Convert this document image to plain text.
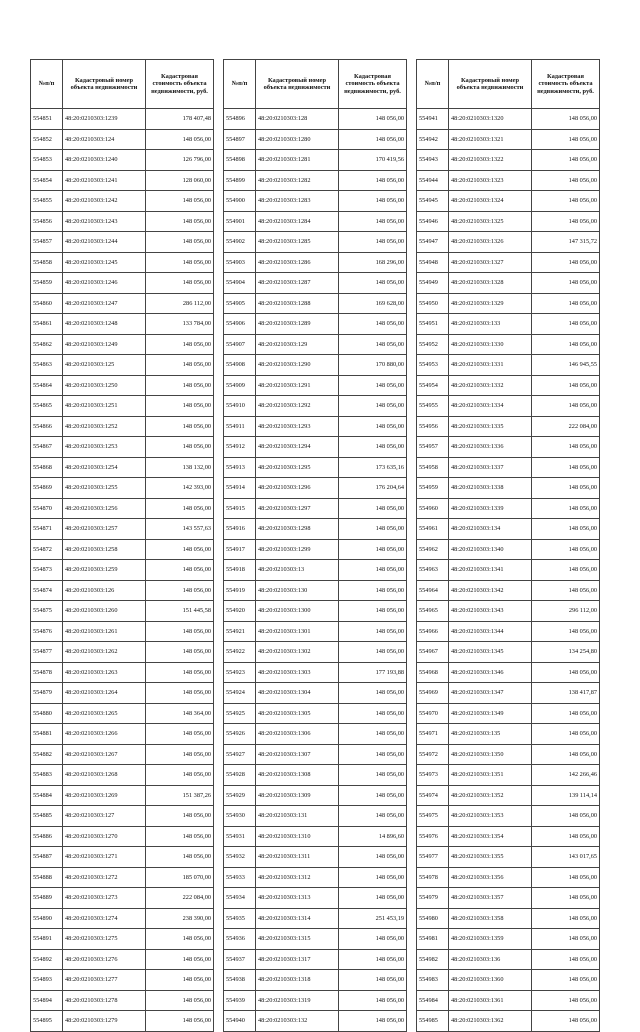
№п/п	Кадастровый номер объекта недвижимости	Кадастровая стоимость объекта недвижимости, руб.
554851	48:20:0210303:1239	178 407,48
554852	48:20:0210303:124	148 056,00
554853	48:20:0210303:1240	126 796,00
554854	48:20:0210303:1241	128 060,00
554855	48:20:0210303:1242	148 056,00
554856	48:20:0210303:1243	148 056,00
554857	48:20:0210303:1244	148 056,00
554858	48:20:0210303:1245	148 056,00
554859	48:20:0210303:1246	148 056,00
554860	48:20:0210303:1247	286 112,00
554861	48:20:0210303:1248	133 784,00
554862	48:20:0210303:1249	148 056,00
554863	48:20:0210303:125	148 056,00
554864	48:20:0210303:1250	148 056,00
554865	48:20:0210303:1251	148 056,00
554866	48:20:0210303:1252	148 056,00
554867	48:20:0210303:1253	148 056,00
554868	48:20:0210303:1254	138 132,00
554869	48:20:0210303:1255	142 393,00
554870	48:20:0210303:1256	148 056,00
554871	48:20:0210303:1257	143 557,63
554872	48:20:0210303:1258	148 056,00
554873	48:20:0210303:1259	148 056,00
554874	48:20:0210303:126	148 056,00
554875	48:20:0210303:1260	151 445,58
554876	48:20:0210303:1261	148 056,00
554877	48:20:0210303:1262	148 056,00
554878	48:20:0210303:1263	148 056,00
554879	48:20:0210303:1264	148 056,00
554880	48:20:0210303:1265	148 364,00
554881	48:20:0210303:1266	148 056,00
554882	48:20:0210303:1267	148 056,00
554883	48:20:0210303:1268	148 056,00
554884	48:20:0210303:1269	151 387,26
554885	48:20:0210303:127	148 056,00
554886	48:20:0210303:1270	148 056,00
554887	48:20:0210303:1271	148 056,00
554888	48:20:0210303:1272	185 070,00
554889	48:20:0210303:1273	222 084,00
554890	48:20:0210303:1274	238 390,00
554891	48:20:0210303:1275	148 056,00
554892	48:20:0210303:1276	148 056,00
554893	48:20:0210303:1277	148 056,00
554894	48:20:0210303:1278	148 056,00
554895	48:20:0210303:1279	148 056,00
№п/п	Кадастровый номер объекта недвижимости	Кадастровая стоимость объекта недвижимости, руб.
554896	48:20:0210303:128	148 056,00
554897	48:20:0210303:1280	148 056,00
554898	48:20:0210303:1281	170 419,56
554899	48:20:0210303:1282	148 056,00
554900	48:20:0210303:1283	148 056,00
554901	48:20:0210303:1284	148 056,00
554902	48:20:0210303:1285	148 056,00
554903	48:20:0210303:1286	168 296,00
554904	48:20:0210303:1287	148 056,00
554905	48:20:0210303:1288	169 628,00
554906	48:20:0210303:1289	148 056,00
554907	48:20:0210303:129	148 056,00
554908	48:20:0210303:1290	170 880,00
554909	48:20:0210303:1291	148 056,00
554910	48:20:0210303:1292	148 056,00
554911	48:20:0210303:1293	148 056,00
554912	48:20:0210303:1294	148 056,00
554913	48:20:0210303:1295	173 635,16
554914	48:20:0210303:1296	176 204,64
554915	48:20:0210303:1297	148 056,00
554916	48:20:0210303:1298	148 056,00
554917	48:20:0210303:1299	148 056,00
554918	48:20:0210303:13	148 056,00
554919	48:20:0210303:130	148 056,00
554920	48:20:0210303:1300	148 056,00
554921	48:20:0210303:1301	148 056,00
554922	48:20:0210303:1302	148 056,00
554923	48:20:0210303:1303	177 193,88
554924	48:20:0210303:1304	148 056,00
554925	48:20:0210303:1305	148 056,00
554926	48:20:0210303:1306	148 056,00
554927	48:20:0210303:1307	148 056,00
554928	48:20:0210303:1308	148 056,00
554929	48:20:0210303:1309	148 056,00
554930	48:20:0210303:131	148 056,00
554931	48:20:0210303:1310	14 896,60
554932	48:20:0210303:1311	148 056,00
554933	48:20:0210303:1312	148 056,00
554934	48:20:0210303:1313	148 056,00
554935	48:20:0210303:1314	251 453,19
554936	48:20:0210303:1315	148 056,00
554937	48:20:0210303:1317	148 056,00
554938	48:20:0210303:1318	148 056,00
554939	48:20:0210303:1319	148 056,00
554940	48:20:0210303:132	148 056,00
№п/п	Кадастровый номер объекта недвижимости	Кадастровая стоимость объекта недвижимости, руб.
554941	48:20:0210303:1320	148 056,00
554942	48:20:0210303:1321	148 056,00
554943	48:20:0210303:1322	148 056,00
554944	48:20:0210303:1323	148 056,00
554945	48:20:0210303:1324	148 056,00
554946	48:20:0210303:1325	148 056,00
554947	48:20:0210303:1326	147 315,72
554948	48:20:0210303:1327	148 056,00
554949	48:20:0210303:1328	148 056,00
554950	48:20:0210303:1329	148 056,00
554951	48:20:0210303:133	148 056,00
554952	48:20:0210303:1330	148 056,00
554953	48:20:0210303:1331	146 945,55
554954	48:20:0210303:1332	148 056,00
554955	48:20:0210303:1334	148 056,00
554956	48:20:0210303:1335	222 084,00
554957	48:20:0210303:1336	148 056,00
554958	48:20:0210303:1337	148 056,00
554959	48:20:0210303:1338	148 056,00
554960	48:20:0210303:1339	148 056,00
554961	48:20:0210303:134	148 056,00
554962	48:20:0210303:1340	148 056,00
554963	48:20:0210303:1341	148 056,00
554964	48:20:0210303:1342	148 056,00
554965	48:20:0210303:1343	296 112,00
554966	48:20:0210303:1344	148 056,00
554967	48:20:0210303:1345	134 254,80
554968	48:20:0210303:1346	148 056,00
554969	48:20:0210303:1347	138 417,87
554970	48:20:0210303:1349	148 056,00
554971	48:20:0210303:135	148 056,00
554972	48:20:0210303:1350	148 056,00
554973	48:20:0210303:1351	142 266,46
554974	48:20:0210303:1352	139 114,14
554975	48:20:0210303:1353	148 056,00
554976	48:20:0210303:1354	148 056,00
554977	48:20:0210303:1355	143 017,65
554978	48:20:0210303:1356	148 056,00
554979	48:20:0210303:1357	148 056,00
554980	48:20:0210303:1358	148 056,00
554981	48:20:0210303:1359	148 056,00
554982	48:20:0210303:136	148 056,00
554983	48:20:0210303:1360	148 056,00
554984	48:20:0210303:1361	148 056,00
554985	48:20:0210303:1362	148 056,00
